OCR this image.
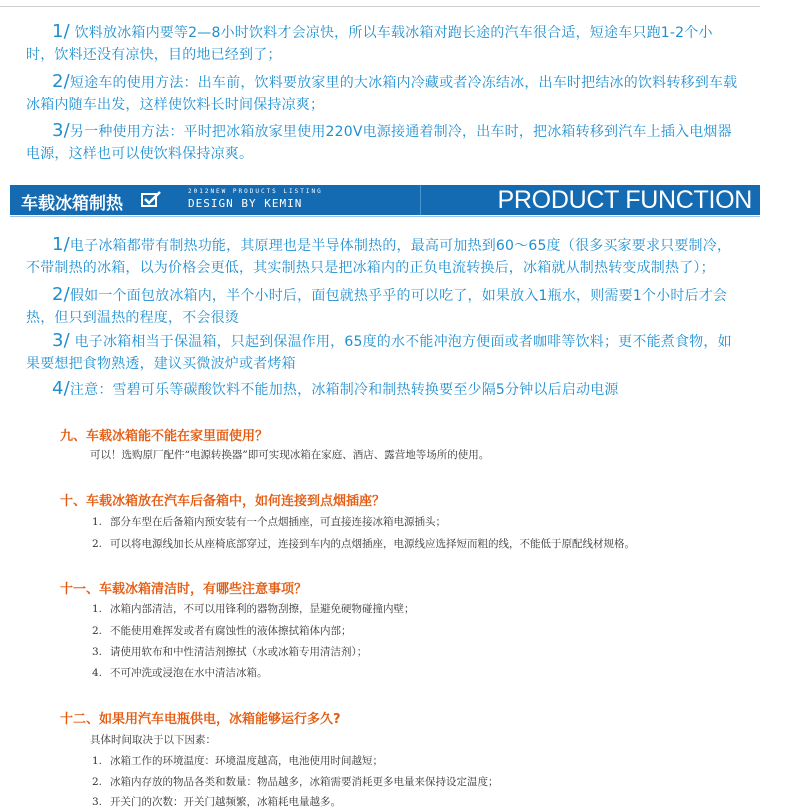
1/ 饮料放冰箱内要等2—8小时饮料才会凉快，所以车载冰箱对跑长途的汽车很合适，短途车只跑1-2个小时，饮料还没有凉快，目的地已经到了；
2/短途车的使用方法：出车前，饮料要放家里的大冰箱内冷藏或者冷冻结冰，出车时把结冰的饮料转移到车载冰箱内随车出发，这样使饮料长时间保持凉爽；
3/另一种使用方法：平时把冰箱放家里使用220V电源接通着制冷，出车时，把冰箱转移到汽车上插入电烟器电源，这样也可以使饮料保持凉爽。
车载冰箱制热
2012NEW PRODUCTS LISTING
DESIGN BY KEMIN	PRODUCT FUNCTION
1/电子冰箱都带有制热功能，其原理也是半导体制热的，最高可加热到60～65度（很多买家要求只要制冷，不带制热的冰箱，以为价格会更低，其实制热只是把冰箱内的正负电流转换后，冰箱就从制热转变成制热了）；
2/假如一个面包放冰箱内，半个小时后，面包就热乎乎的可以吃了，如果放入1瓶水，则需要1个小时后才会热，但只到温热的程度，不会很烫
3/ 电子冰箱相当于保温箱，只起到保温作用，65度的水不能冲泡方便面或者咖啡等饮料；更不能煮食物，如果要想把食物熟透，建议买微波炉或者烤箱
4/注意：雪碧可乐等碳酸饮料不能加热，冰箱制冷和制热转换要至少隔5分钟以后启动电源
九、车载冰箱能不能在家里面使用？
可以！选购原厂配件“电源转换器”即可实现冰箱在家庭、酒店、露营地等场所的使用。
十、车载冰箱放在汽车后备箱中，如何连接到点烟插座？
1. 部分车型在后备箱内预安装有一个点烟插座，可直接连接冰箱电源插头；
2. 可以将电源线加长从座椅底部穿过，连接到车内的点烟插座，电源线应选择短而粗的线，不能低于原配线材规格。
十一、车载冰箱清洁时，有哪些注意事项？
1. 冰箱内部清洁，不可以用锋利的器物刮擦，昰避免硬物碰撞内壁；
2. 不能使用难挥发或者有腐蚀性的液体擦拭箱体内部；
3. 请使用软布和中性清洁剂擦拭（水或冰箱专用清洁剂）；
4. 不可冲洗或浸泡在水中清洁冰箱。
十二、如果用汽车电瓶供电，冰箱能够运行多久?
具体时间取决于以下因素：
1. 冰箱工作的环境温度：环境温度越高，电池使用时间越短；
2. 冰箱内存放的物品各类和数量：物品越多，冰箱需要消耗更多电量来保持设定温度；
3. 开关门的次数：开关门越频繁，冰箱耗电量越多。
